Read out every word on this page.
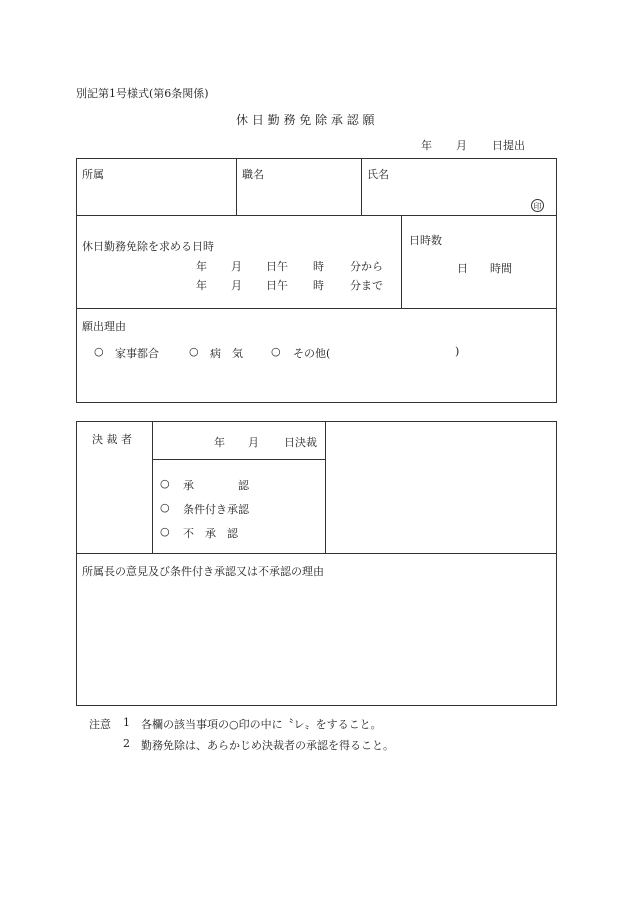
別記第1号様式(第6条関係)
休 日 勤 務 免 除 承 認 願
年 月 日提出
所属	職名	氏名
印
休日勤務免除を求める日時
年 月 日午 時 分から
年 月 日午 時 分まで
日時数
日 時間
願出理由
○ 家事都合	○ 病　気	○ その他(	)
決 裁 者	年 月 日決裁
○ 承　　　　認
○ 条件付き承認
○ 不　承　認
所属長の意見及び条件付き承認又は不承認の理由
注意 1 各欄の該当事項の○印の中に〝レ〟をすること。
2 勤務免除は、あらかじめ決裁者の承認を得ること。
